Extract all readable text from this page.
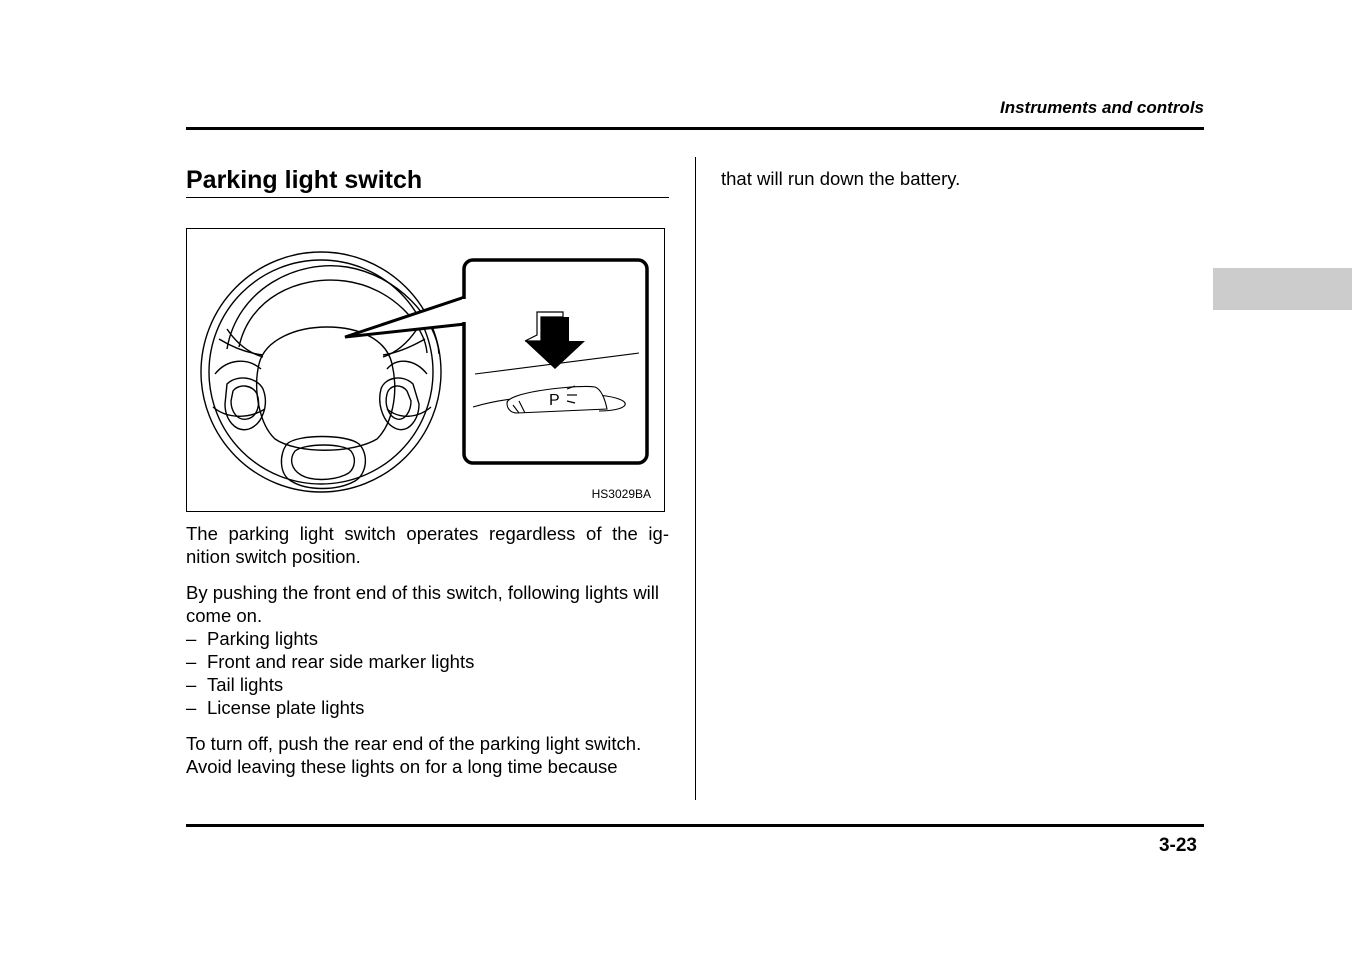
Instruments and controls
Parking light switch
P
HS3029BA

The parking light switch operates regardless of the ig-nition switch position.

By pushing the front end of this switch, following lights will come on.

– Parking lights
– Front and rear side marker lights
– Tail lights
– License plate lights

To turn off, push the rear end of the parking light switch.

Avoid leaving these lights on for a long time because

that will run down the battery.

3-23
